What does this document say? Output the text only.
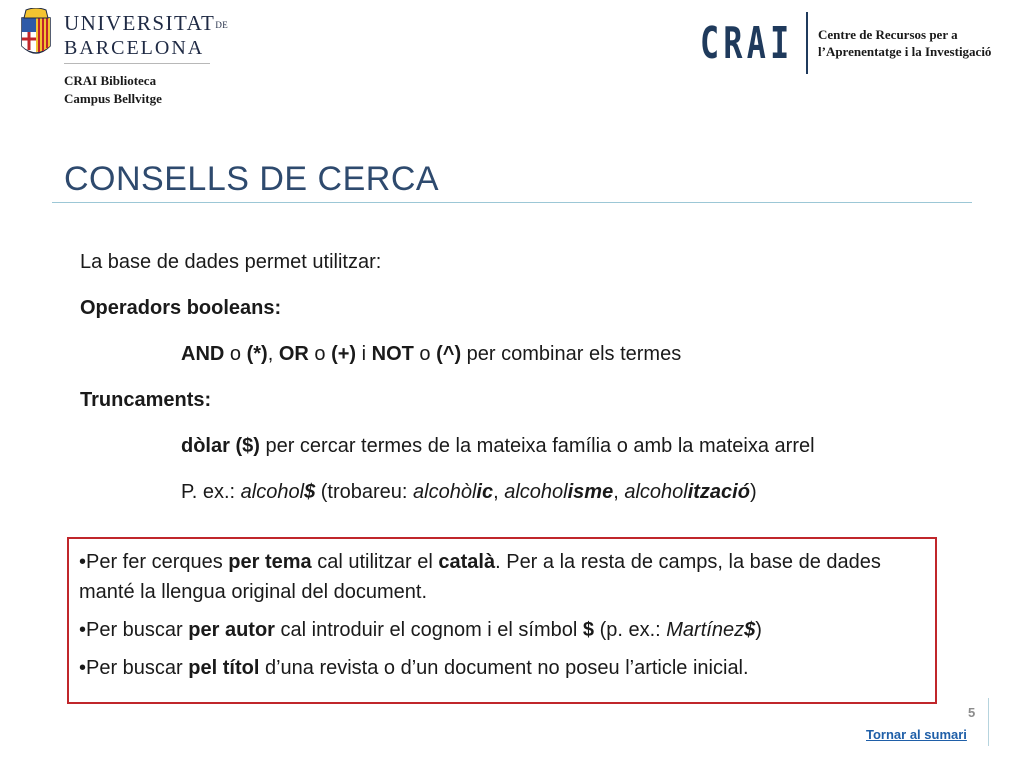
UNIVERSITATDE
BARCELONA
CRAI Biblioteca
Campus Bellvitge
CRAI Centre de Recursos per a
l’Aprenentatge i la Investigació
CONSELLS DE CERCA
La base de dades permet utilitzar:
Operadors booleans:
AND o (*), OR o (+) i NOT o (^) per combinar els termes
Truncaments:
dòlar ($) per cercar termes de la mateixa família o amb la mateixa arrel
P. ex.: alcohol$ (trobareu: alcohòlic, alcoholisme, alcoholització)
•Per fer cerques per tema cal utilitzar el català. Per a la resta de camps, la base de dades manté la llengua original del document.
•Per buscar per autor cal introduir el cognom i el símbol $ (p. ex.: Martínez$)
•Per buscar pel títol d’una revista o d’un document no poseu l’article inicial.
5
Tornar al sumari
